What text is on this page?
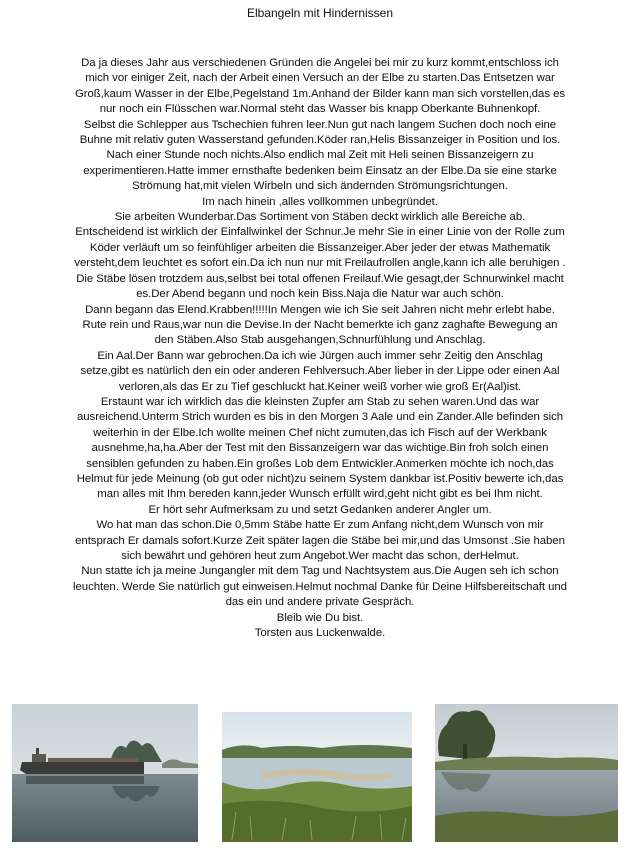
Elbangeln mit Hindernissen
Da ja dieses Jahr aus verschiedenen Gründen die Angelei bei mir zu kurz kommt,entschloss ich
mich vor einiger Zeit, nach der Arbeit einen Versuch an der Elbe zu starten.Das Entsetzen war
Groß,kaum Wasser in der Elbe,Pegelstand 1m.Anhand der Bilder kann man sich vorstellen,das es
nur noch ein Flüsschen war.Normal steht das Wasser bis knapp Oberkante Buhnenkopf.
Selbst die Schlepper aus Tschechien fuhren leer.Nun gut nach langem Suchen doch noch eine
Buhne mit relativ guten Wasserstand gefunden.Köder ran,Helis Bissanzeiger in Position und los.
Nach einer Stunde noch nichts.Also endlich mal Zeit mit Heli seinen Bissanzeigern zu
experimentieren.Hatte immer ernsthafte bedenken beim Einsatz an der Elbe.Da sie eine starke
Strömung hat,mit vielen Wirbeln und sich ändernden Strömungsrichtungen.
Im nach hinein ,alles vollkommen unbegründet.
Sie arbeiten Wunderbar.Das Sortiment von Stäben deckt wirklich alle Bereiche ab.
Entscheidend ist wirklich der Einfallwinkel der Schnur.Je mehr Sie in einer Linie von der Rolle zum
Köder verläuft um so feinfühliger arbeiten die Bissanzeiger.Aber jeder der etwas Mathematik
versteht,dem leuchtet es sofort ein.Da ich nun nur mit Freilaufrollen angle,kann ich alle beruhigen .
Die Stäbe lösen trotzdem aus,selbst bei total offenen Freilauf.Wie gesagt,der Schnurwinkel macht
es.Der Abend begann und noch kein Biss.Naja die Natur war auch schön.
Dann begann das Elend.Krabben!!!!!In Mengen wie ich Sie seit Jahren nicht mehr erlebt habe.
Rute rein und Raus,war nun die Devise.In der Nacht bemerkte ich ganz zaghafte Bewegung an
den Stäben.Also Stab ausgehangen,Schnurfühlung und Anschlag.
Ein Aal.Der Bann war gebrochen.Da ich wie Jürgen auch immer sehr Zeitig den Anschlag
setze,gibt es natürlich den ein oder anderen Fehlversuch.Aber lieber in der Lippe oder einen Aal
verloren,als das Er zu Tief geschluckt hat.Keiner weiß vorher wie groß Er(Aal)ist.
Erstaunt war ich wirklich das die kleinsten Zupfer am Stab zu sehen waren.Und das war
ausreichend.Unterm Strich wurden es bis in den Morgen 3 Aale und ein Zander.Alle befinden sich
weiterhin in der Elbe.Ich wollte meinen Chef nicht zumuten,das ich Fisch auf der Werkbank
ausnehme,ha,ha.Aber der Test mit den Bissanzeigern war das wichtige.Bin froh solch einen
sensiblen gefunden zu haben.Ein großes Lob dem Entwickler.Anmerken möchte ich noch,das
Helmut für jede Meinung (ob gut oder nicht)zu seinem System dankbar ist.Positiv bewerte ich,das
man alles mit Ihm bereden kann,jeder Wunsch erfüllt wird,geht nicht gibt es bei Ihm nicht.
Er hört sehr Aufmerksam zu und setzt Gedanken anderer Angler um.
Wo hat man das schon.Die 0,5mm Stäbe hatte Er zum Anfang nicht,dem Wunsch von mir
entsprach Er damals sofort.Kurze Zeit später lagen die Stäbe bei mir,und das Umsonst .Sie haben
sich bewährt und gehören heut zum Angebot.Wer macht das schon, derHelmut.
Nun statte ich ja meine Jungangler mit dem Tag und Nachtsystem aus.Die Augen seh ich schon
leuchten. Werde Sie natürlich gut einweisen.Helmut nochmal Danke für Deine Hilfsbereitschaft und
das ein und andere private Gespräch.
Bleib wie Du bist.
Torsten aus Luckenwalde.
